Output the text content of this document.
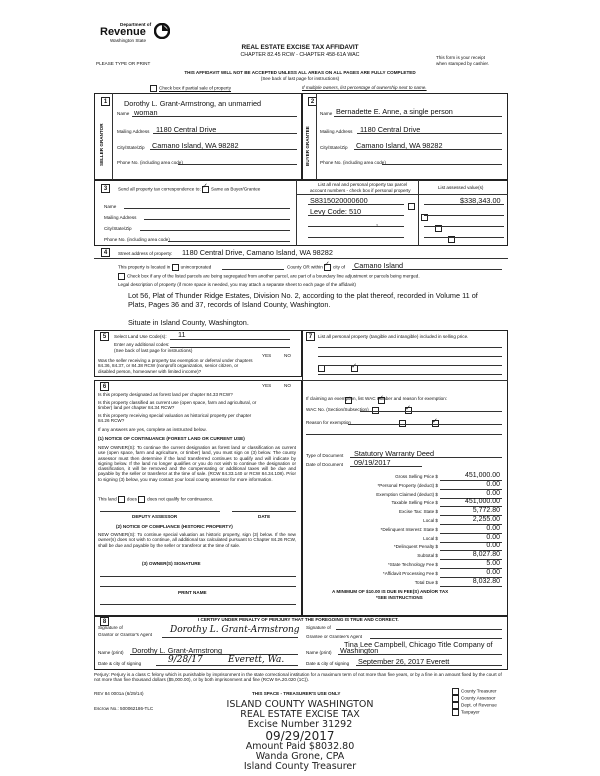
Department of
Revenue
Washington State
PLEASE TYPE OR PRINT
REAL ESTATE EXCISE TAX AFFIDAVIT
CHAPTER 82.45 RCW - CHAPTER 458-61A WAC	This form is your receipt
when stamped by cashier.
THIS AFFIDAVIT WILL NOT BE ACCEPTED UNLESS ALL AREAS ON ALL PAGES ARE FULLY COMPLETED
(See back of last page for instructions)
Check box if partial sale of property	If multiple owners, list percentage of ownership next to name.
1	2
SELLER GRANTOR	BUYER GRANTEE
Dorothy L. Grant-Armstrong, an unmarried
Name woman
Mailing Address 1180 Central Drive
City/State/Zip Camano Island, WA 98282
Phone No. (including area code)
Name Bernadette E. Anne, a single person
Mailing Address 1180 Central Drive
City/State/Zip Camano Island, WA 98282
Phone No. (including area code)
3	Send all property tax correspondence to: ✓ Same as Buyer/Grantee
List all real and personal property tax parcel
account numbers - check box if personal property
List assessed value(s)
Name
Mailing Address
City/State/Zip
Phone No. (including area code)
S8315020000600

Levy Code: 510

,

$338,343.00
4	Street address of property: 1180 Central Drive, Camano Island, WA 98282
This property is located in unincorporated	County OR within ✓ city of Camano Island
Check box if any of the listed parcels are being segregated from another parcel, are part of a boundary line adjustment or parcels being merged.
Legal description of property (if more space is needed, you may attach a separate sheet to each page of the affidavit)
Lot 56, Plat of Thunder Ridge Estates, Division No. 2, according to the plat thereof, recorded in Volume 11 of
Plats, Pages 36 and 37, records of Island County, Washington.
Situate in Island County, Washington.
5	Select Land Use Code(s): 11
Enter any additional codes:
(See back of last page for instructions)
YES	NO
Was the seller receiving a property tax exemption or deferral under chapters 84.36, 84.37, or 84.38 RCW (nonprofit organization, senior citizen, or disabled person, homeowner with limited income)?
✓
6	YES	NO
Is this property designated as forest land per chapter 84.33 RCW?
✓
Is this property classified as current use (open space, farm and agricultural, or timber) land per chapter 84.34 RCW?
✓
Is this property receiving special valuation as historical property per chapter 84.26 RCW?
✓
If any answers are yes, complete as instructed below.
(1) NOTICE OF CONTINUANCE (FOREST LAND OR CURRENT USE)
NEW OWNER(S): To continue the current designation as forest land or classification as current use (open space, farm and agriculture, or timber) land, you must sign on (3) below. The county assessor must then determine if the land transferred continues to qualify and will indicate by signing below. If the land no longer qualifies or you do not wish to continue the designation or classification, it will be removed and the compensating or additional taxes will be due and payable by the seller or transferor at the time of sale. (RCW 84.33.140 or RCW 84.34.108). Prior to signing (3) below, you may contact your local county assessor for more information.
This land does does not qualify for continuance.
DEPUTY ASSESSOR	DATE
(2) NOTICE OF COMPLIANCE (HISTORIC PROPERTY)
NEW OWNER(S): To continue special valuation as historic property, sign (3) below. If the new owner(s) does not wish to continue, all additional tax calculated pursuant to Chapter 84.26 RCW, shall be due and payable by the seller or transferor at the time of sale.
(3) OWNER(S) SIGNATURE
PRINT NAME
7	List all personal property (tangible and intangible) included in selling price.
If claiming an exemption, list WAC number and reason for exemption:
WAC No. (Section/Subsection)
Reason for exemption
Type of Document Statutory Warranty Deed
Date of Document 09/19/2017
Gross Selling Price $	451,000.00
*Personal Property (deduct) $	0.00
Exemption Claimed (deduct) $	0.00
Taxable Selling Price $	451,000.00
Excise Tax: State $	5,772.80
Local $	2,255.00
*Delinquent Interest: State $	0.00
Local $	0.00
*Delinquent Penalty $	0.00
Subtotal $	8,027.80
*State Technology Fee $	5.00
*Affidavit Processing Fee $	0.00
Total Due $	8,032.80
A MINIMUM OF $10.00 IS DUE IN FEE(S) AND/OR TAX
*SEE INSTRUCTIONS
8	I CERTIFY UNDER PENALTY OF PERJURY THAT THE FOREGOING IS TRUE AND CORRECT.
Signature of
Grantor or Grantor's Agent Dorothy L. Grant-Armstrong
Name (print) Dorothy L. Grant-Armstrong
Date & city of signing	9/28/17	Everett, Wa.
Signature of
Grantee or Grantee's Agent
Tina Lee Campbell, Chicago Title Company of
Name (print) Washington
Date & city of signing September 26, 2017 Everett
Perjury: Perjury is a class C felony which is punishable by imprisonment in the state correctional institution for a maximum term of not more than five years, or by a fine in an amount fixed by the court of not more than five thousand dollars ($5,000.00), or by both imprisonment and fine (RCW 9A.20.020 (1C)).
REV 84 0001a (6/29/14)	THIS SPACE - TREASURER'S USE ONLY
Escrow No.: 500062186-TLC
County Treasurer
County Assessor
Dept. of Revenue
Taxpayer
ISLAND COUNTY WASHINGTON
REAL ESTATE EXCISE TAX
Excise Number 31292
09/29/2017
Amount Paid $8032.80
Wanda Grone, CPA
Island County Treasurer
